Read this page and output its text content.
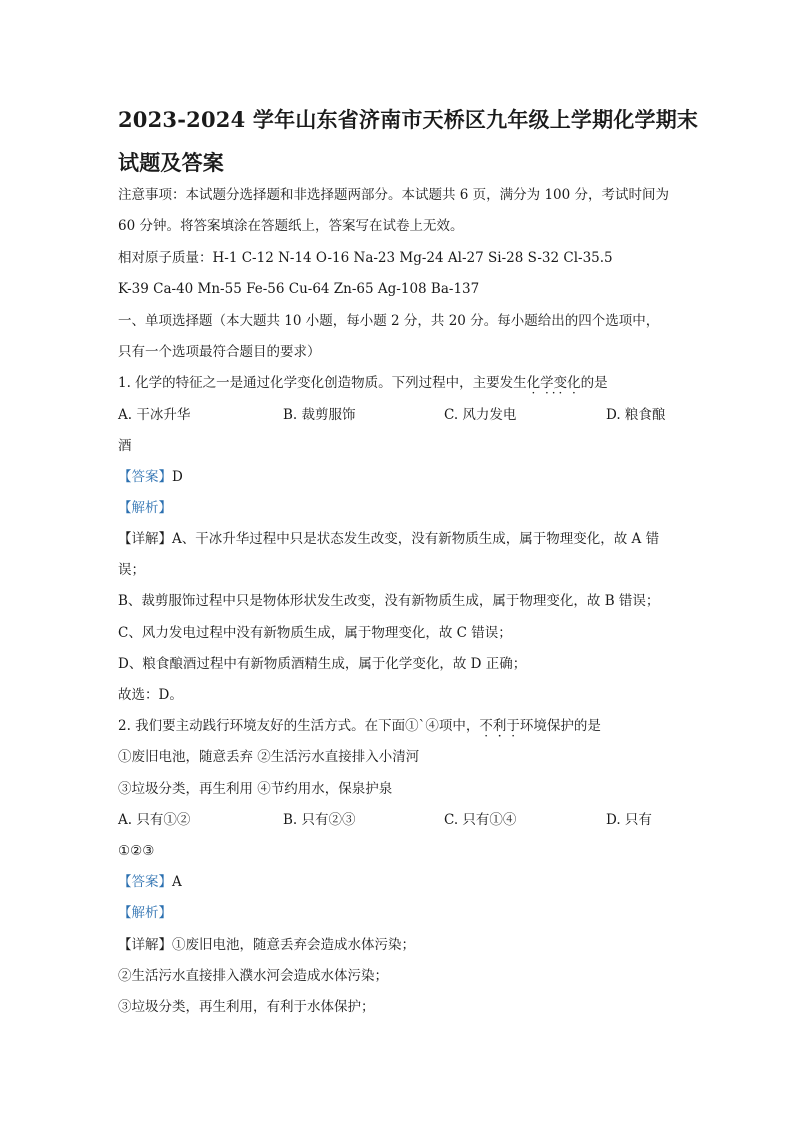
2023-2024 学年山东省济南市天桥区九年级上学期化学期末
试题及答案
注意事项：本试题分选择题和非选择题两部分。本试题共 6 页，满分为 100 分，考试时间为
60 分钟。将答案填涂在答题纸上，答案写在试卷上无效。
相对原子质量：H-1 C-12 N-14 O-16 Na-23 Mg-24 Al-27 Si-28 S-32 Cl-35.5
K-39 Ca-40 Mn-55 Fe-56 Cu-64 Zn-65 Ag-108 Ba-137
一、单项选择题（本大题共 10 小题，每小题 2 分，共 20 分。每小题给出的四个选项中，
只有一个选项最符合题目的要求）
1. 化学的特征之一是通过化学变化创造物质。下列过程中，主要发生化学变化的是
A. 干冰升华	B. 裁剪服饰	C. 风力发电	D. 粮食酿
酒
【答案】D
【解析】
【详解】A、干冰升华过程中只是状态发生改变，没有新物质生成，属于物理变化，故 A 错
误；
B、裁剪服饰过程中只是物体形状发生改变，没有新物质生成，属于物理变化，故 B 错误；
C、风力发电过程中没有新物质生成，属于物理变化，故 C 错误；
D、粮食酿酒过程中有新物质酒精生成，属于化学变化，故 D 正确；
故选：D。
2. 我们要主动践行环境友好的生活方式。在下面①`④项中，不利于环境保护的是
①废旧电池，随意丢弃 ②生活污水直接排入小清河
③垃圾分类，再生利用 ④节约用水，保泉护泉
A. 只有①②	B. 只有②③	C. 只有①④	D. 只有
①②③
【答案】A
【解析】
【详解】①废旧电池，随意丢弃会造成水体污染；
②生活污水直接排入濮水河会造成水体污染；
③垃圾分类，再生利用，有利于水体保护；
